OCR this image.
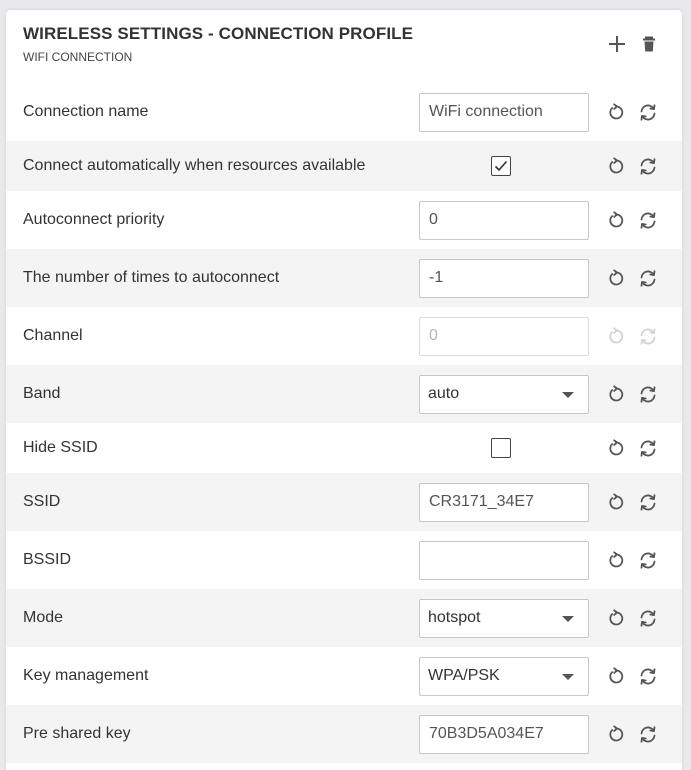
WIRELESS SETTINGS - CONNECTION PROFILE
WIFI CONNECTION
Connection name	WiFi connection
Connect automatically when resources available
Autoconnect priority	0
The number of times to autoconnect	-1
Channel	0
Band	auto
Hide SSID
SSID	CR3171_34E7
BSSID
Mode	hotspot
Key management	WPA/PSK
Pre shared key	70B3D5A034E7
